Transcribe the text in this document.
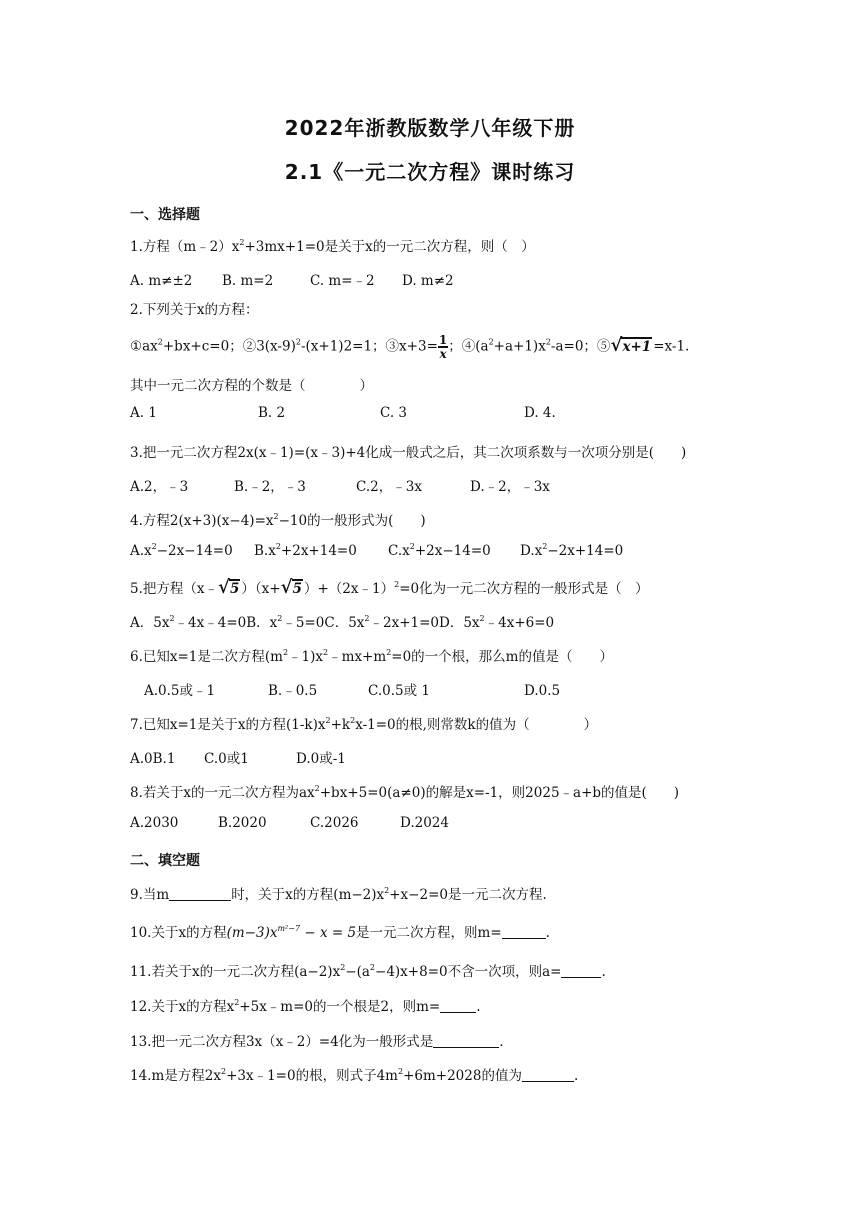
2022年浙教版数学八年级下册
2.1《一元二次方程》课时练习
一、选择题
1.方程$(m﹣2)x^2+3mx+1=0$是关于x的一元二次方程，则（　）
A. m≠±2 B. m=2	C. m=﹣2 D. m≠2
2.下列关于x的方程：
$①ax^2+bx+c=0$；$②3(x-9)^2-(x+1)2=1$；③x+3= $\frac{1}{x}$ ；$④(a^2+a+1)x^2-a=0$；⑤ √ x+1 =x-1.
其中一元二次方程的个数是（　　　　）
A. 1	B. 2	C. 3	D. 4.
3.把一元二次方程2x(x﹣1)=(x﹣3)+4化成一般式之后，其二次项系数与一次项分别是(　　)
A.2，﹣3	B.﹣2，﹣3	C.2，﹣3x	D.﹣2，﹣3x
4.方程$2(x+3)(x-4)=x^2-10$的一般形式为(　　)
$A.x^2-2x-14=0$ $B.x^2+2x+14=0$ $C.x^2+2x-14=0$ $D.x^2-2x+14=0$
5.把方程（x﹣ √ 5 ）（x+ √ 5 ）+（2x﹣1）$^2$=0化为一元二次方程的一般形式是（　）
A．$5x^2﹣4x﹣4=0B$．$x^2﹣5=0C$．$5x^2﹣2x+1=0D$．$5x^2﹣4x+6=0$
6.已知x=1是二次方程$(m^2﹣1)x^2﹣mx+m^2=0$的一个根，那么m的值是（　　）
A.0.5或﹣1	B.﹣0.5	C.0.5或 1	D.0.5
7.已知x=1是关于x的方程$(1-k)x^2+k^2x-1=0$的根,则常数k的值为（　　　　）
A.0B.1 C.0或1	D.0或-1
8.若关于x的一元二次方程为$ax^2+bx+5=0(a\ne 0)$的解是x=-1，则2025﹣a+b的值是(　　)
A.2030	B.2020	C.2026	D.2024
二、填空题
9.当m	时，关于x的方程$(m-2)x^2+x-2=0$是一元二次方程.
10.关于x的方程$(m-3)x^{m^2-7} - x = 5$是一元二次方程，则m=	.
11.若关于x的一元二次方程$(a-2)x^2-(a^2-4)x+8=0$不含一次项，则a=	.
12.关于x的方程$x^2+5x﹣m=0$的一个根是2，则m=	.
13.把一元二次方程3x（x﹣2）=4化为一般形式是	.
14.m是方程$2x^2+3x﹣1=0$的根，则式子$4m^2+6m+2028$的值为	.
